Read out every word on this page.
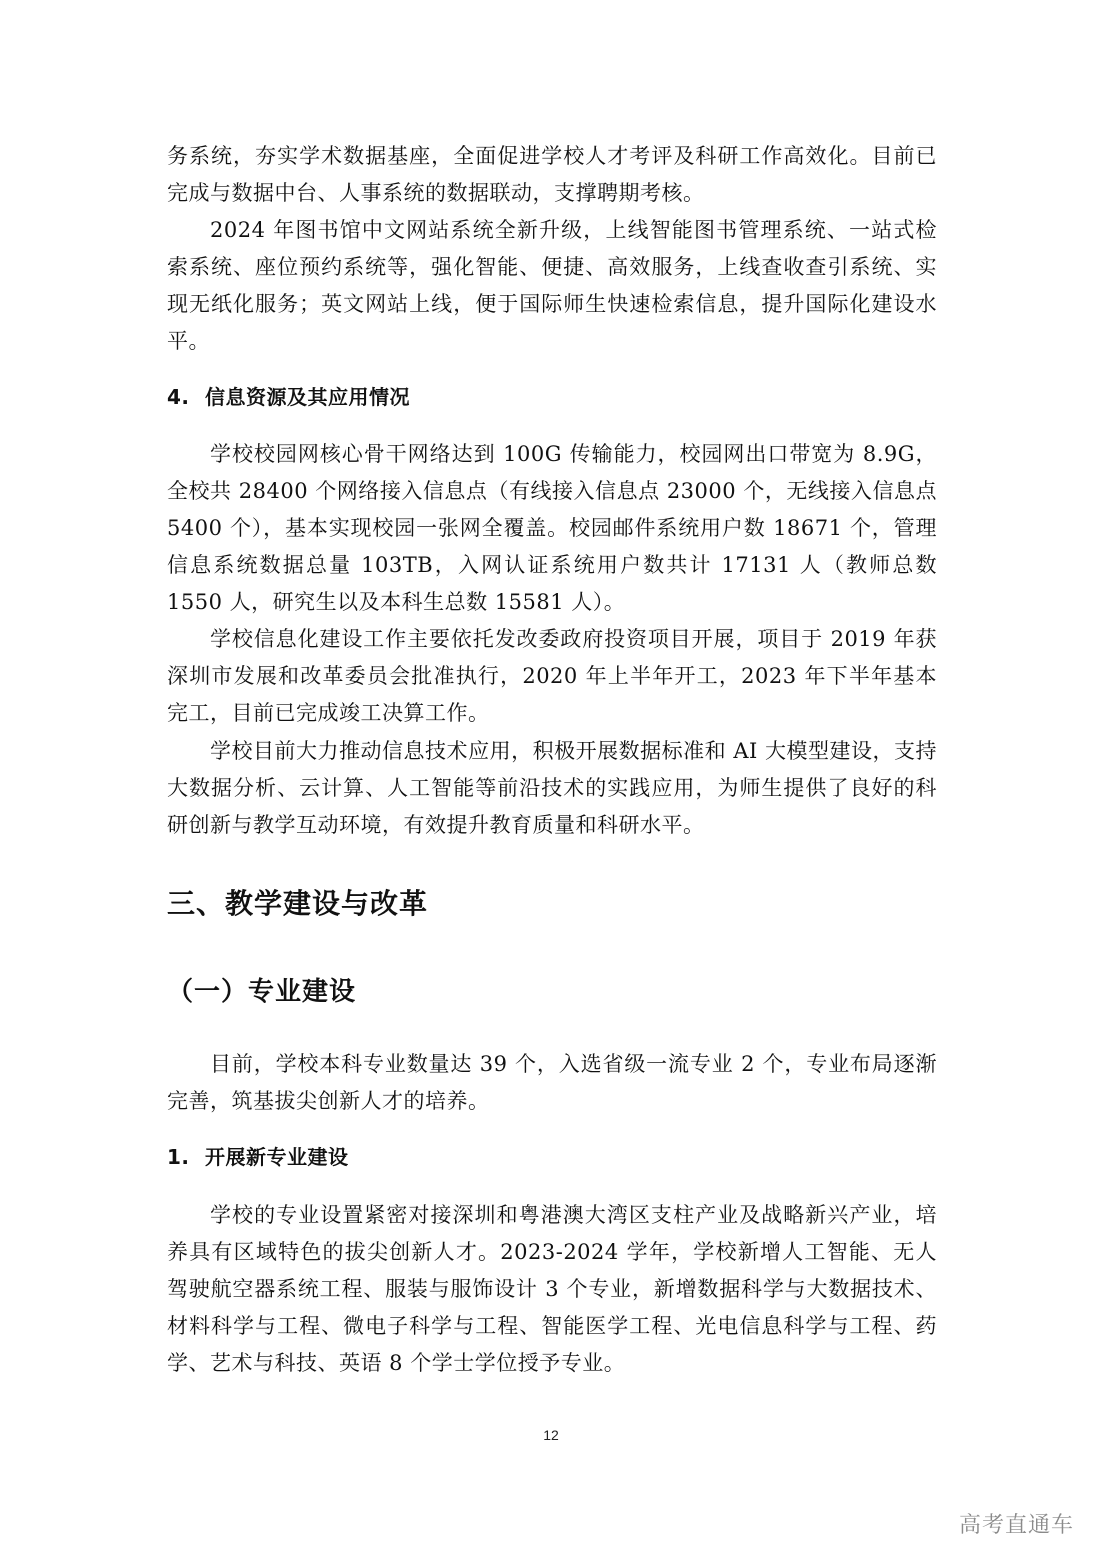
务系统，夯实学术数据基座，全面促进学校人才考评及科研工作高效化。目前已完成与数据中台、人事系统的数据联动，支撑聘期考核。

2024 年图书馆中文网站系统全新升级，上线智能图书管理系统、一站式检索系统、座位预约系统等，强化智能、便捷、高效服务，上线查收查引系统、实现无纸化服务；英文网站上线，便于国际师生快速检索信息，提升国际化建设水平。

4. 信息资源及其应用情况

学校校园网核心骨干网络达到 100G 传输能力，校园网出口带宽为 8.9G，全校共 28400 个网络接入信息点（有线接入信息点 23000 个，无线接入信息点 5400 个），基本实现校园一张网全覆盖。校园邮件系统用户数 18671 个，管理信息系统数据总量 103TB，入网认证系统用户数共计 17131 人（教师总数 1550 人，研究生以及本科生总数 15581 人）。

学校信息化建设工作主要依托发改委政府投资项目开展，项目于 2019 年获深圳市发展和改革委员会批准执行，2020 年上半年开工，2023 年下半年基本完工，目前已完成竣工决算工作。

学校目前大力推动信息技术应用，积极开展数据标准和 AI 大模型建设，支持大数据分析、云计算、人工智能等前沿技术的实践应用，为师生提供了良好的科研创新与教学互动环境，有效提升教育质量和科研水平。

三、教学建设与改革
（一）专业建设

目前，学校本科专业数量达 39 个，入选省级一流专业 2 个，专业布局逐渐完善，筑基拔尖创新人才的培养。

1. 开展新专业建设

学校的专业设置紧密对接深圳和粤港澳大湾区支柱产业及战略新兴产业，培养具有区域特色的拔尖创新人才。2023-2024 学年，学校新增人工智能、无人驾驶航空器系统工程、服装与服饰设计 3 个专业，新增数据科学与大数据技术、材料科学与工程、微电子科学与工程、智能医学工程、光电信息科学与工程、药学、艺术与科技、英语 8 个学士学位授予专业。

12
高考直通车
